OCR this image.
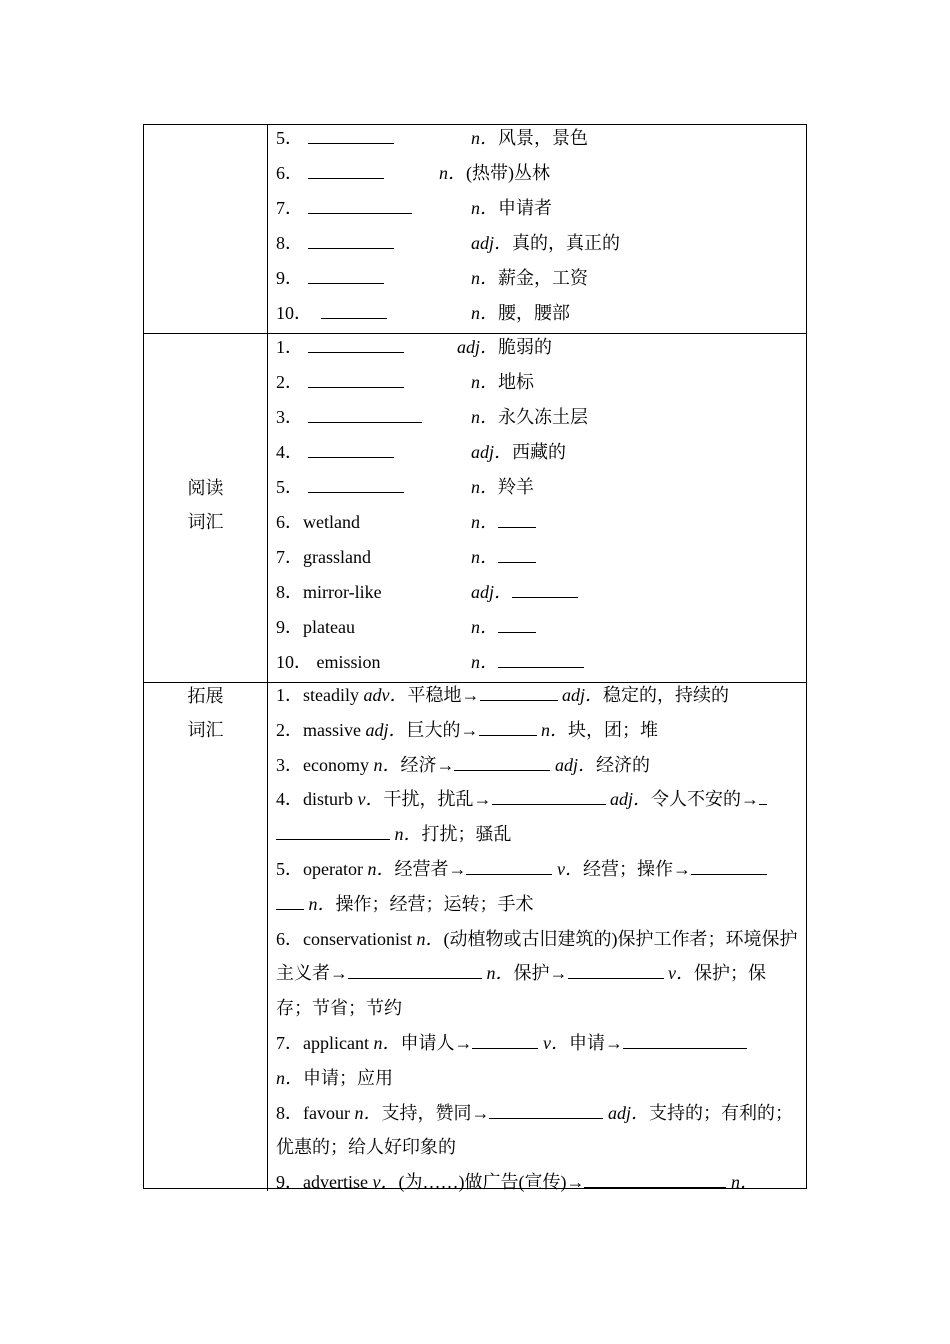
5．	n．风景，景色
6．	n．(热带)丛林
7．	n．申请者
8．	adj．真的，真正的
9．	n．薪金，工资
10．	n．腰，腰部
阅读
词汇
1．	adj．脆弱的
2．	n．地标
3．	n．永久冻土层
4．	adj．西藏的
5．	n．羚羊
6．wetland	n．
7．grassland	n．
8．mirror-like	adj．
9．plateau	n．
10． emission	n．
拓展
词汇
1．steadily adv．平稳地→	adj．稳定的，持续的
2．massive adj．巨大的→	n．块，团；堆
3．economy n．经济→	adj．经济的
4．disturb v．干扰，扰乱→	adj．令人不安的→
n．打扰；骚乱
5．operator n．经营者→	v．经营；操作→
n．操作；经营；运转；手术
6．conservationist n．(动植物或古旧建筑的)保护工作者；环境保护主义者→	n．保护→	v．保护；保存；节省；节约
7．applicant n．申请人→	v．申请→
n．申请；应用
8．favour n．支持，赞同→	adj．支持的；有利的；优惠的；给人好印象的
9．advertise v．(为……)做广告(宣传)→	n．
